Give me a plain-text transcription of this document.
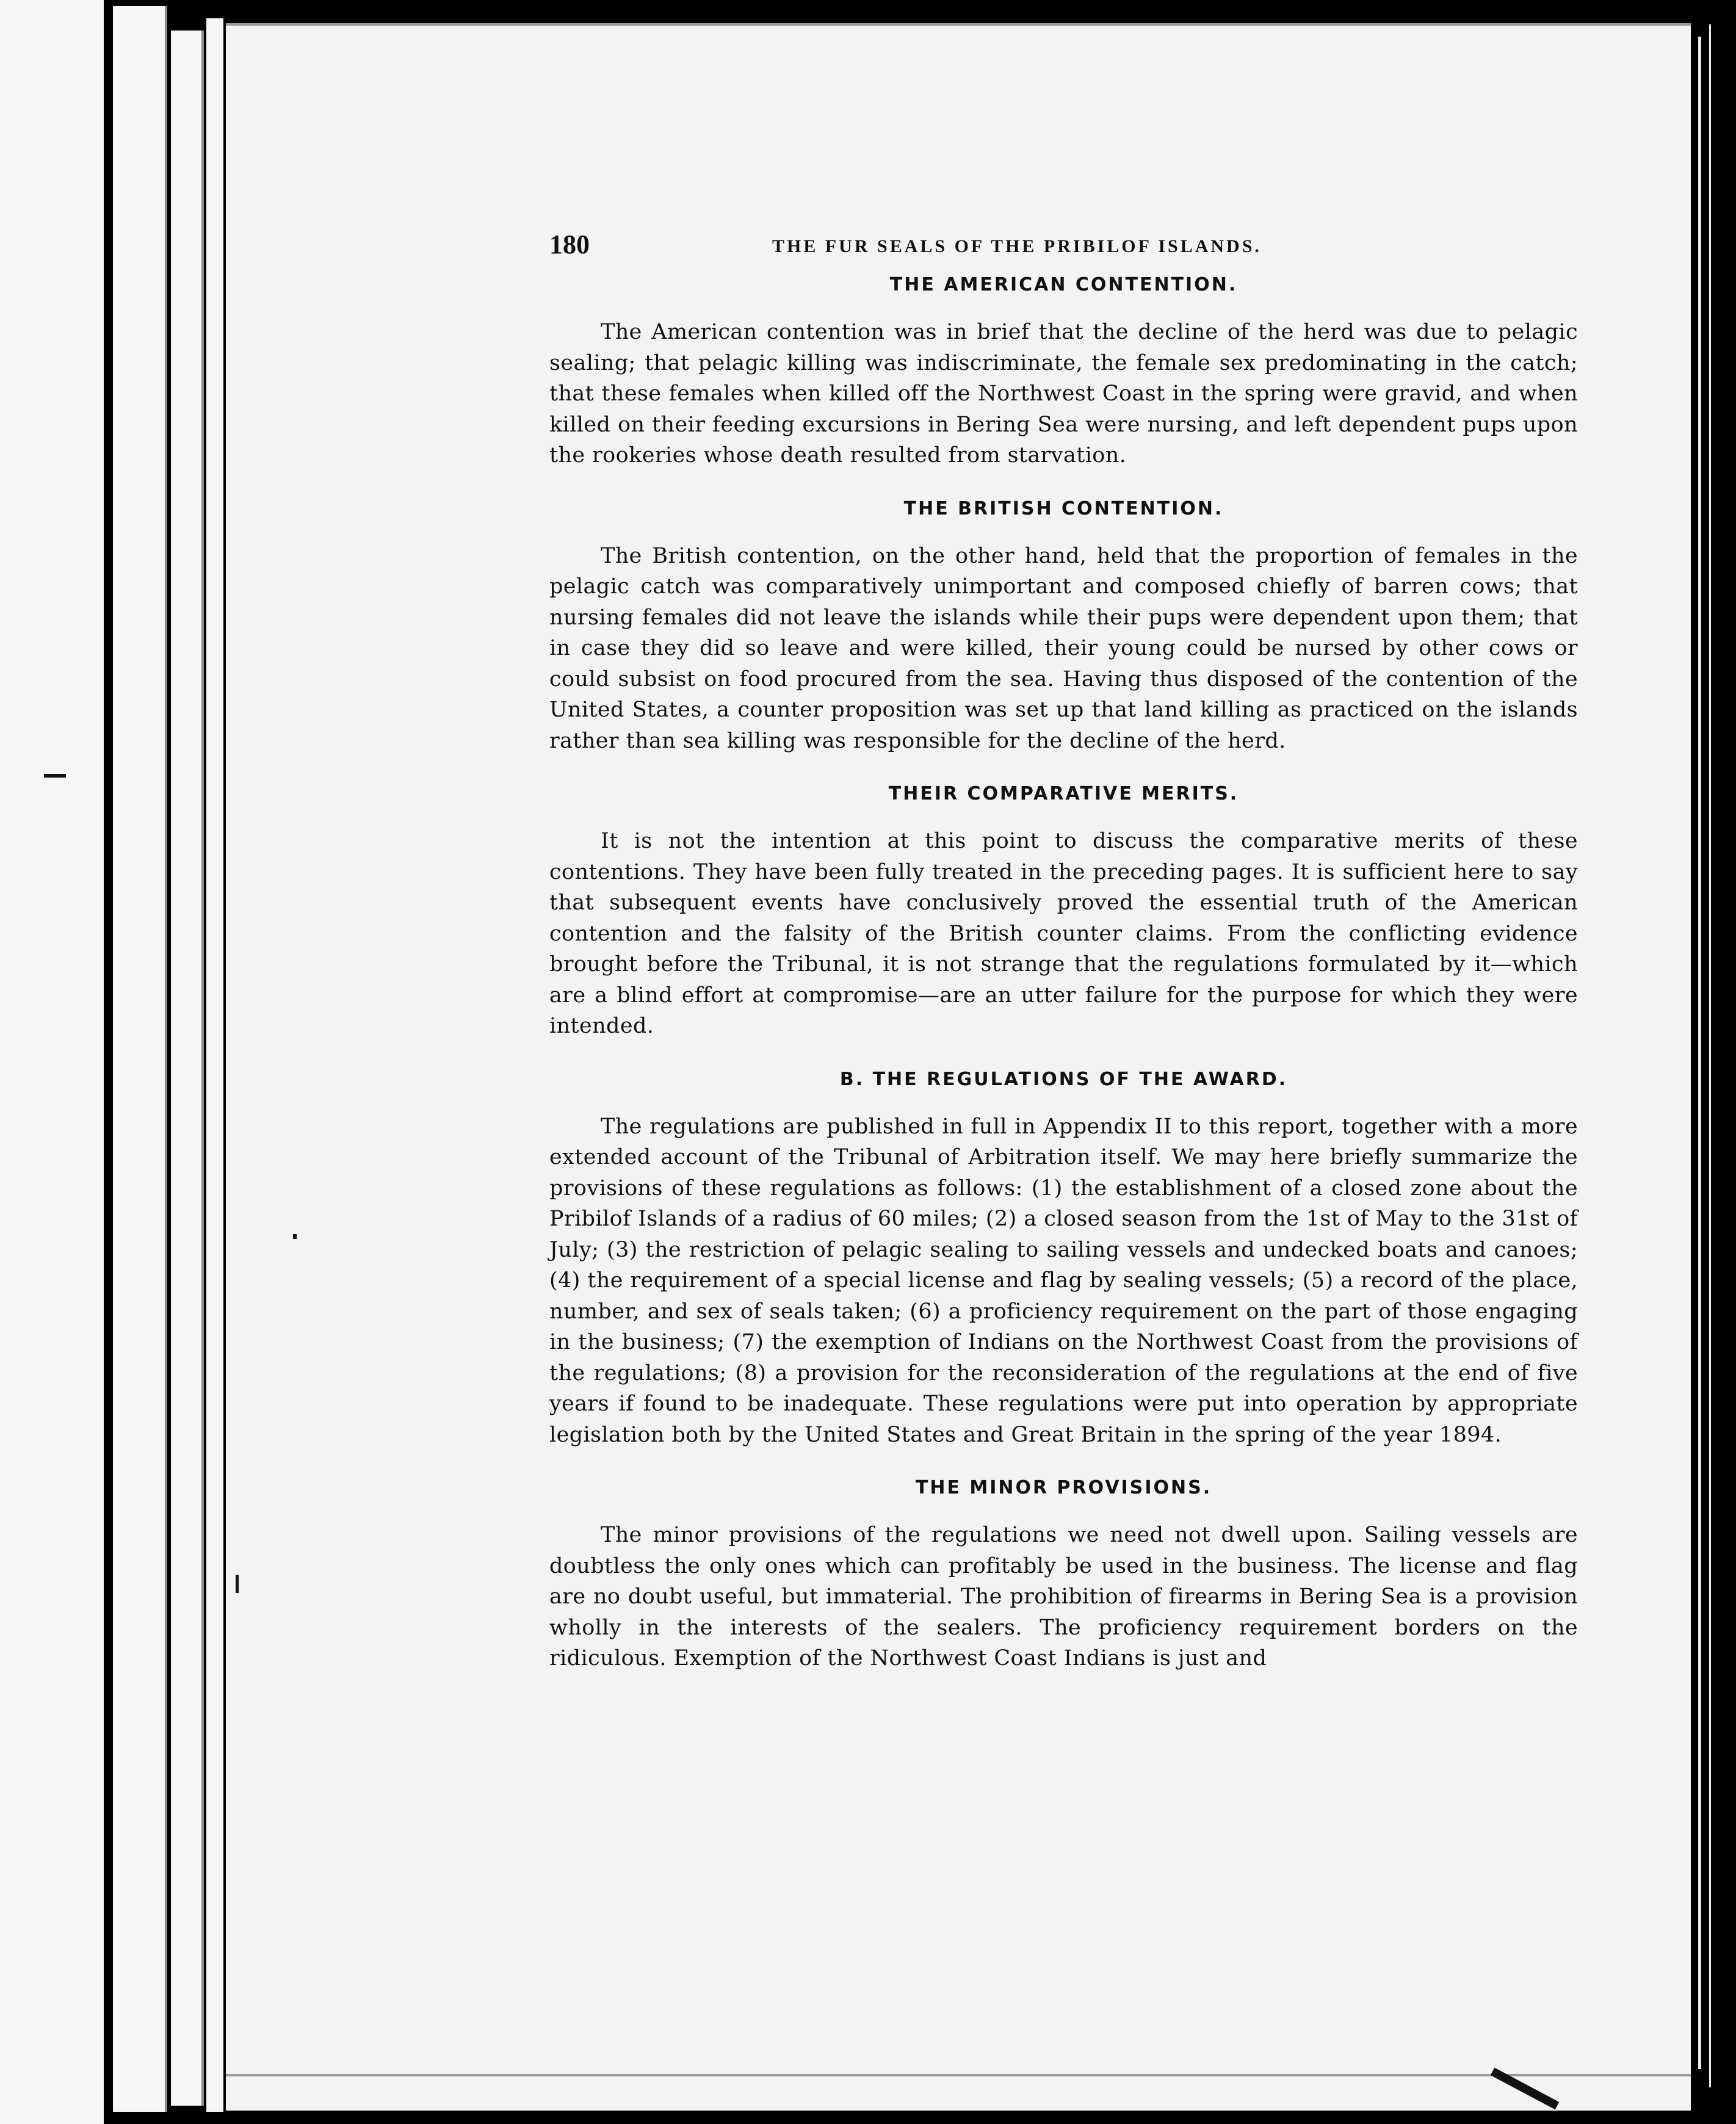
180	THE FUR SEALS OF THE PRIBILOF ISLANDS.
THE AMERICAN CONTENTION.

The American contention was in brief that the decline of the herd was due to pelagic sealing; that pelagic killing was indiscriminate, the female sex predominating in the catch; that these females when killed off the Northwest Coast in the spring were gravid, and when killed on their feeding excursions in Bering Sea were nursing, and left dependent pups upon the rookeries whose death resulted from starvation.

THE BRITISH CONTENTION.

The British contention, on the other hand, held that the proportion of females in the pelagic catch was comparatively unimportant and composed chiefly of barren cows; that nursing females did not leave the islands while their pups were dependent upon them; that in case they did so leave and were killed, their young could be nursed by other cows or could subsist on food procured from the sea. Having thus disposed of the contention of the United States, a counter proposition was set up that land killing as practiced on the islands rather than sea killing was responsible for the decline of the herd.

THEIR COMPARATIVE MERITS.

It is not the intention at this point to discuss the comparative merits of these contentions. They have been fully treated in the preceding pages. It is sufficient here to say that subsequent events have conclusively proved the essential truth of the American contention and the falsity of the British counter claims. From the conflicting evidence brought before the Tribunal, it is not strange that the regulations formulated by it—which are a blind effort at compromise—are an utter failure for the purpose for which they were intended.

B. THE REGULATIONS OF THE AWARD.

The regulations are published in full in Appendix II to this report, together with a more extended account of the Tribunal of Arbitration itself. We may here briefly summarize the provisions of these regulations as follows: (1) the establishment of a closed zone about the Pribilof Islands of a radius of 60 miles; (2) a closed season from the 1st of May to the 31st of July; (3) the restriction of pelagic sealing to sailing vessels and undecked boats and canoes; (4) the requirement of a special license and flag by sealing vessels; (5) a record of the place, number, and sex of seals taken; (6) a proficiency requirement on the part of those engaging in the business; (7) the exemption of Indians on the Northwest Coast from the provisions of the regulations; (8) a provision for the reconsideration of the regulations at the end of five years if found to be inadequate. These regulations were put into operation by appropriate legislation both by the United States and Great Britain in the spring of the year 1894.

THE MINOR PROVISIONS.

The minor provisions of the regulations we need not dwell upon. Sailing vessels are doubtless the only ones which can profitably be used in the business. The license and flag are no doubt useful, but immaterial. The prohibition of firearms in Bering Sea is a provision wholly in the interests of the sealers. The proficiency requirement borders on the ridiculous. Exemption of the Northwest Coast Indians is just and
